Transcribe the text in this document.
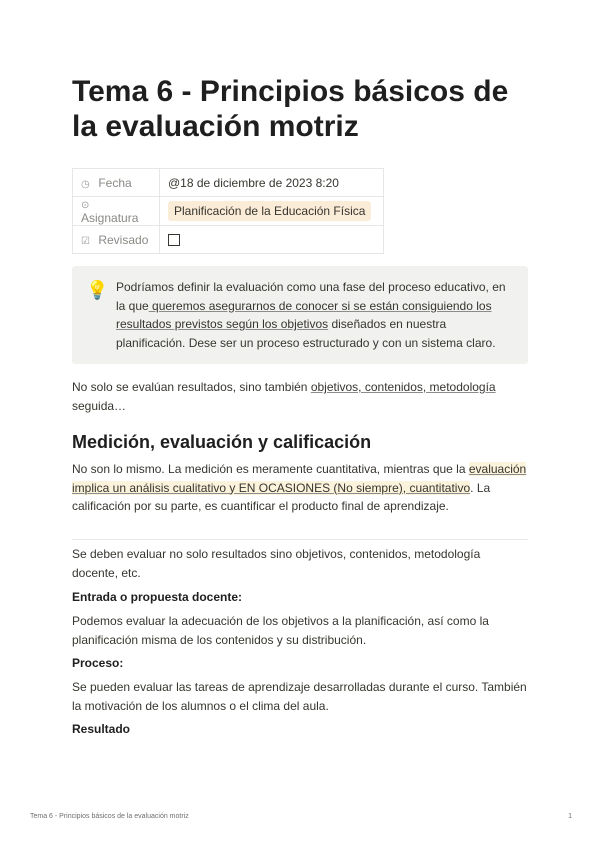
Tema 6 - Principios básicos de la evaluación motriz
◷ Fecha	@18 de diciembre de 2023 8:20
⊙ Asignatura	Planificación de la Educación Física
☑ Revisado	
💡 Podríamos definir la evaluación como una fase del proceso educativo, en la que queremos asegurarnos de conocer si se están consiguiendo los resultados previstos según los objetivos diseñados en nuestra planificación. Dese ser un proceso estructurado y con un sistema claro.

No solo se evalúan resultados, sino también objetivos, contenidos, metodología seguida…

Medición, evaluación y calificación

No son lo mismo. La medición es meramente cuantitativa, mientras que la evaluación implica un análisis cualitativo y EN OCASIONES (No siempre), cuantitativo. La calificación por su parte, es cuantificar el producto final de aprendizaje.

Se deben evaluar no solo resultados sino objetivos, contenidos, metodología docente, etc.

Entrada o propuesta docente:

Podemos evaluar la adecuación de los objetivos a la planificación, así como la planificación misma de los contenidos y su distribución.

Proceso:

Se pueden evaluar las tareas de aprendizaje desarrolladas durante el curso. También la motivación de los alumnos o el clima del aula.

Resultado

Tema 6 - Principios básicos de la evaluación motriz	1
